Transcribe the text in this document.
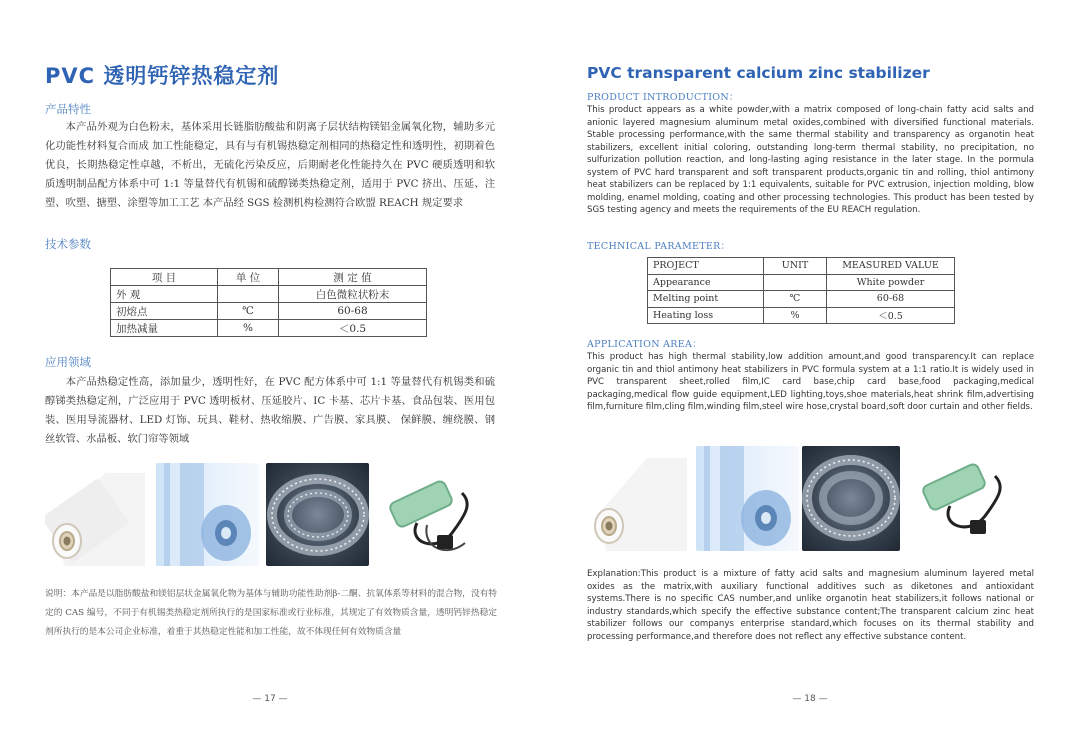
PVC 透明钙锌热稳定剂
产品特性
本产品外观为白色粉末，基体采用长链脂肪酸盐和阴离子层状结构镁铝金属氧化物，辅助多元化功能性材料复合而成 加工性能稳定，具有与有机锡热稳定剂相同的热稳定性和透明性，初期着色优良，长期热稳定性卓越，不析出，无硫化污染反应，后期耐老化性能持久在 PVC 硬质透明和软质透明制品配方体系中可 1:1 等量替代有机锡和硫醇锑类热稳定剂，适用于 PVC 挤出、压延、注塑、吹塑、搪塑、涂塑等加工工艺 本产品经 SGS 检测机构检测符合欧盟 REACH 规定要求
技术参数
项 目	单 位	测 定 值
外 观		白色微粒状粉末
初熔点	℃	60-68
加热减量	%	＜0.5
应用领域
本产品热稳定性高，添加量少，透明性好，在 PVC 配方体系中可 1:1 等量替代有机锡类和硫醇锑类热稳定剂，广泛应用于 PVC 透明板材、压延胶片、IC 卡基、芯片卡基、食品包装、医用包装、医用导流器材、LED 灯饰、玩具、鞋材、热收缩膜、广告膜、家具膜、 保鲜膜、缠绕膜、钢丝软管、水晶板、软门帘等领域
说明：本产品是以脂肪酸盐和镁铝层状金属氧化物为基体与辅助功能性助剂β-二酮、抗氧体系等材料的混合物，没有特定的 CAS 编号，不同于有机锡类热稳定剂所执行的是国家标准或行业标准，其规定了有效物质含量，透明钙锌热稳定剂所执行的是本公司企业标准，着重于其热稳定性能和加工性能，故不体现任何有效物质含量
— 17 —
PVC transparent calcium zinc stabilizer
PRODUCT INTRODUCTION：
This product appears as a white powder,with a matrix composed of long-chain fatty acid salts and anionic layered magnesium aluminum metal oxides,combined with diversified functional materials. Stable processing performance,with the same thermal stability and transparency as organotin heat stabilizers, excellent initial coloring, outstanding long-term thermal stability, no precipitation, no sulfurization pollution reaction, and long-lasting aging resistance in the later stage. In the pormula system of PVC hard transparent and soft transparent products,organic tin and rolling, thiol antimony heat stabilizers can be replaced by 1:1 equivalents, suitable for PVC extrusion, injection molding, blow molding, enamel molding, coating and other processing technologies. This product has been tested by SGS testing agency and meets the requirements of the EU REACH regulation.
TECHNICAL PARAMETER：
PROJECT	UNIT	MEASURED VALUE
Appearance		White powder
Melting point	℃	60-68
Heating loss	%	＜0.5
APPLICATION AREA：
This product has high thermal stability,low addition amount,and good transparency.It can replace organic tin and thiol antimony heat stabilizers in PVC formula system at a 1:1 ratio.It is widely used in PVC transparent sheet,rolled film,IC card base,chip card base,food packaging,medical packaging,medical flow guide equipment,LED lighting,toys,shoe materials,heat shrink film,advertising film,furniture film,cling film,winding film,steel wire hose,crystal board,soft door curtain and other fields.
Explanation:This product is a mixture of fatty acid salts and magnesium aluminum layered metal oxides as the matrix,with auxiliary functional additives such as diketones and antioxidant systems.There is no specific CAS number,and unlike organotin heat stabilizers,it follows national or industry standards,which specify the effective substance content;The transparent calcium zinc heat stabilizer follows our companys enterprise standard,which focuses on its thermal stability and processing performance,and therefore does not reflect any effective substance content.
— 18 —
